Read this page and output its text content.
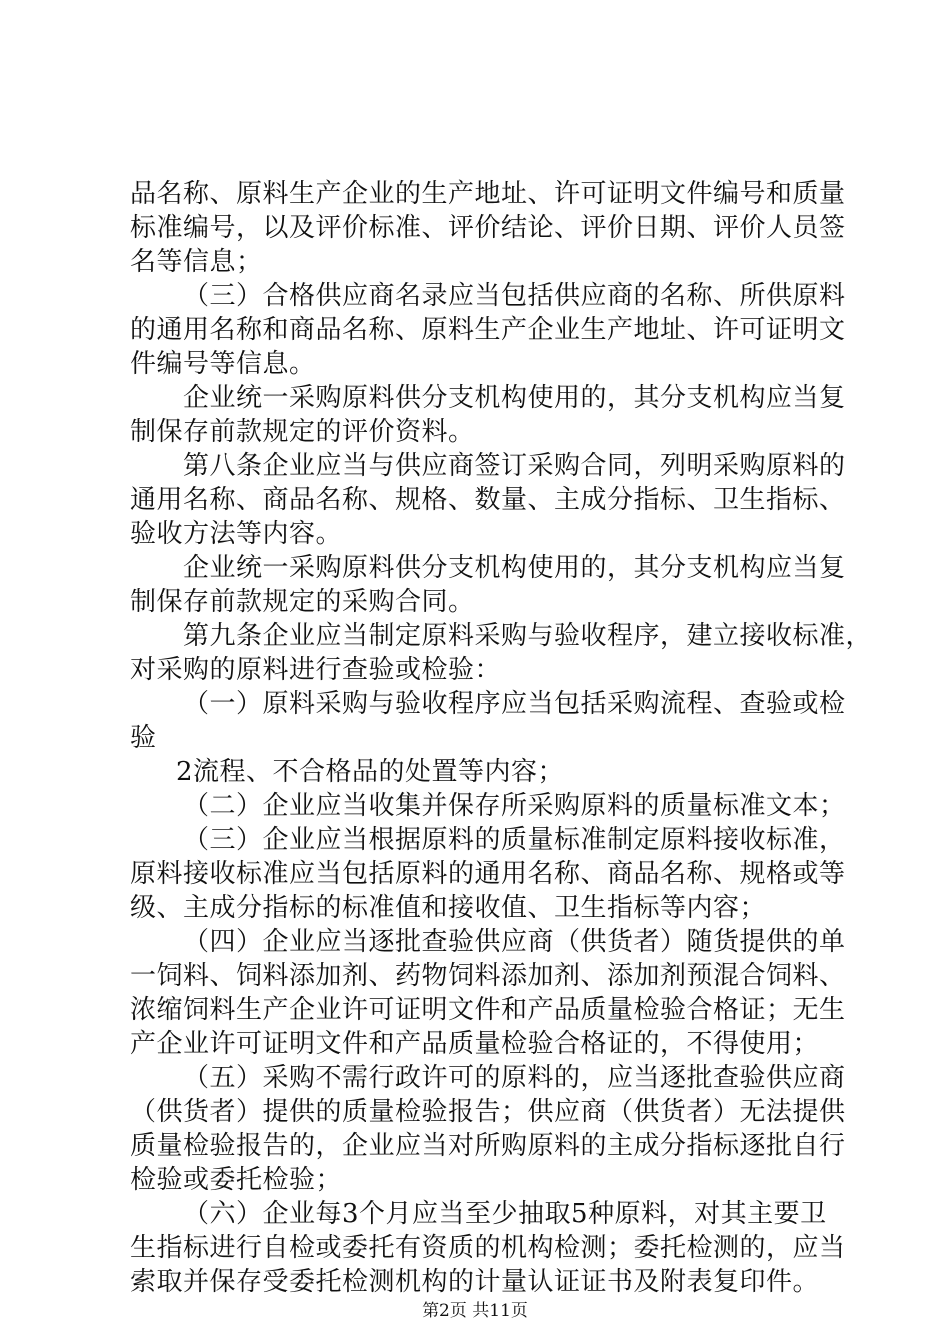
品名称、原料生产企业的生产地址、许可证明文件编号和质量
标准编号，以及评价标准、评价结论、评价日期、评价人员签
名等信息；
（三）合格供应商名录应当包括供应商的名称、所供原料
的通用名称和商品名称、原料生产企业生产地址、许可证明文
件编号等信息。
企业统一采购原料供分支机构使用的，其分支机构应当复
制保存前款规定的评价资料。
第八条企业应当与供应商签订采购合同，列明采购原料的
通用名称、商品名称、规格、数量、主成分指标、卫生指标、
验收方法等内容。
企业统一采购原料供分支机构使用的，其分支机构应当复
制保存前款规定的采购合同。
第九条企业应当制定原料采购与验收程序，建立接收标准，
对采购的原料进行查验或检验：
（一）原料采购与验收程序应当包括采购流程、查验或检
验
2流程、不合格品的处置等内容；
（二）企业应当收集并保存所采购原料的质量标准文本；
（三）企业应当根据原料的质量标准制定原料接收标准，
原料接收标准应当包括原料的通用名称、商品名称、规格或等
级、主成分指标的标准值和接收值、卫生指标等内容；
（四）企业应当逐批查验供应商（供货者）随货提供的单
一饲料、饲料添加剂、药物饲料添加剂、添加剂预混合饲料、
浓缩饲料生产企业许可证明文件和产品质量检验合格证；无生
产企业许可证明文件和产品质量检验合格证的，不得使用；
（五）采购不需行政许可的原料的，应当逐批查验供应商
（供货者）提供的质量检验报告；供应商（供货者）无法提供
质量检验报告的，企业应当对所购原料的主成分指标逐批自行
检验或委托检验；
（六）企业每3个月应当至少抽取5种原料，对其主要卫
生指标进行自检或委托有资质的机构检测；委托检测的，应当
索取并保存受委托检测机构的计量认证证书及附表复印件。
第2页 共11页
